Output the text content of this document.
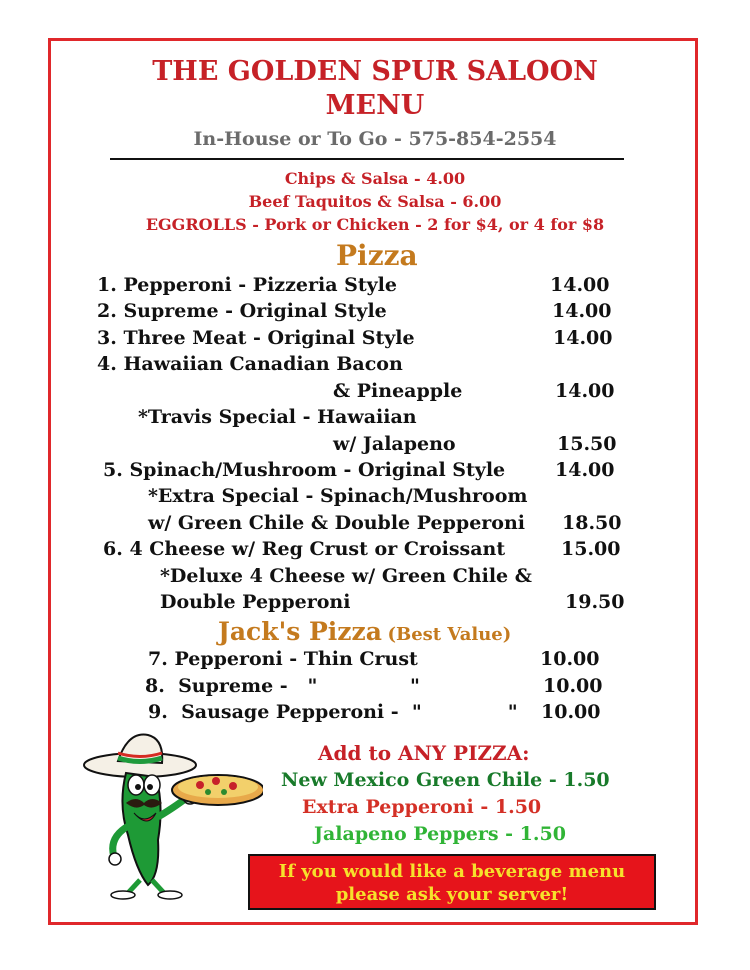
THE GOLDEN SPUR SALOON
MENU
In-House or To Go - 575-854-2554
Chips & Salsa - 4.00
Beef Taquitos & Salsa - 6.00
EGGROLLS - Pork or Chicken - 2 for $4, or 4 for $8
Pizza
1. Pepperoni - Pizzeria Style	14.00
2. Supreme - Original Style	14.00
3. Three Meat - Original Style	14.00
4. Hawaiian Canadian Bacon
& Pineapple	14.00
*Travis Special - Hawaiian
w/ Jalapeno	15.50
5. Spinach/Mushroom - Original Style	14.00
*Extra Special - Spinach/Mushroom
w/ Green Chile & Double Pepperoni 18.50
6. 4 Cheese w/ Reg Crust or Croissant	15.00
*Deluxe 4 Cheese w/ Green Chile &
Double Pepperoni	19.50
Jack's Pizza (Best Value)
7. Pepperoni - Thin Crust	10.00
8.  Supreme -   "              "	10.00
9.  Sausage Pepperoni -  "             " 10.00
Add to ANY PIZZA:
New Mexico Green Chile - 1.50
Extra Pepperoni - 1.50
Jalapeno Peppers - 1.50
If you would like a beverage menu
please ask your server!
